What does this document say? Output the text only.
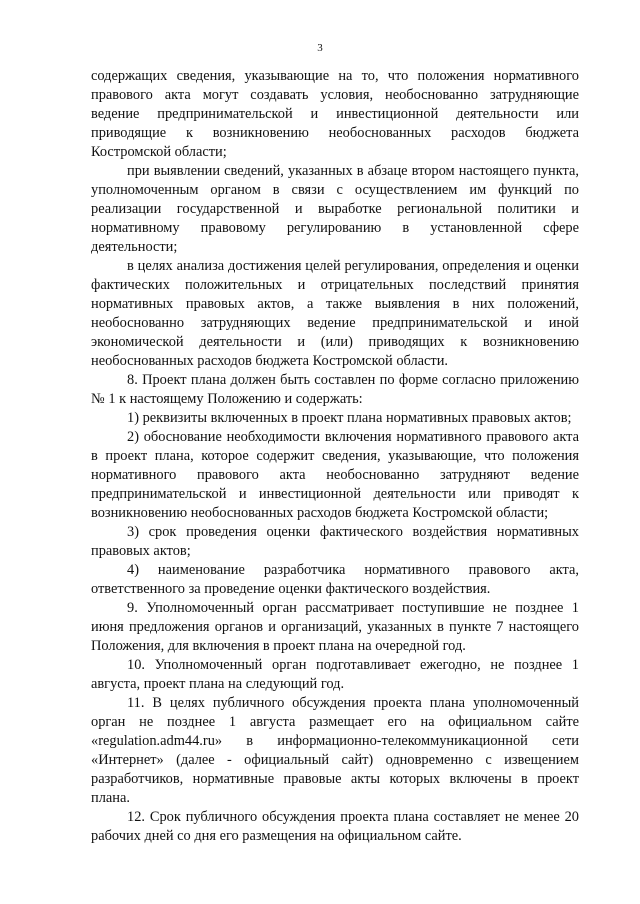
3

содержащих сведения, указывающие на то, что положения нормативного правового акта могут создавать условия, необоснованно затрудняющие ведение предпринимательской и инвестиционной деятельности или приводящие к возникновению необоснованных расходов бюджета Костромской области;

при выявлении сведений, указанных в абзаце втором настоящего пункта, уполномоченным органом в связи с осуществлением им функций по реализации государственной и выработке региональной политики и нормативному правовому регулированию в установленной сфере деятельности;

в целях анализа достижения целей регулирования, определения и оценки фактических положительных и отрицательных последствий принятия нормативных правовых актов, а также выявления в них положений, необоснованно затрудняющих ведение предпринимательской и иной экономической деятельности и (или) приводящих к возникновению необоснованных расходов бюджета Костромской области.

8. Проект плана должен быть составлен по форме согласно приложению № 1 к настоящему Положению и содержать:

1) реквизиты включенных в проект плана нормативных правовых актов;

2) обоснование необходимости включения нормативного правового акта в проект плана, которое содержит сведения, указывающие, что положения нормативного правового акта необоснованно затрудняют ведение предпринимательской и инвестиционной деятельности или приводят к возникновению необоснованных расходов бюджета Костромской области;

3) срок проведения оценки фактического воздействия нормативных правовых актов;

4) наименование разработчика нормативного правового акта, ответственного за проведение оценки фактического воздействия.

9. Уполномоченный орган рассматривает поступившие не позднее 1 июня предложения органов и организаций, указанных в пункте 7 настоящего Положения, для включения в проект плана на очередной год.

10. Уполномоченный орган подготавливает ежегодно, не позднее 1 августа, проект плана на следующий год.

11. В целях публичного обсуждения проекта плана уполномоченный орган не позднее 1 августа размещает его на официальном сайте «regulation.adm44.ru» в информационно-телекоммуникационной сети «Интернет» (далее - официальный сайт) одновременно с извещением разработчиков, нормативные правовые акты которых включены в проект плана.

12. Срок публичного обсуждения проекта плана составляет не менее 20 рабочих дней со дня его размещения на официальном сайте.
